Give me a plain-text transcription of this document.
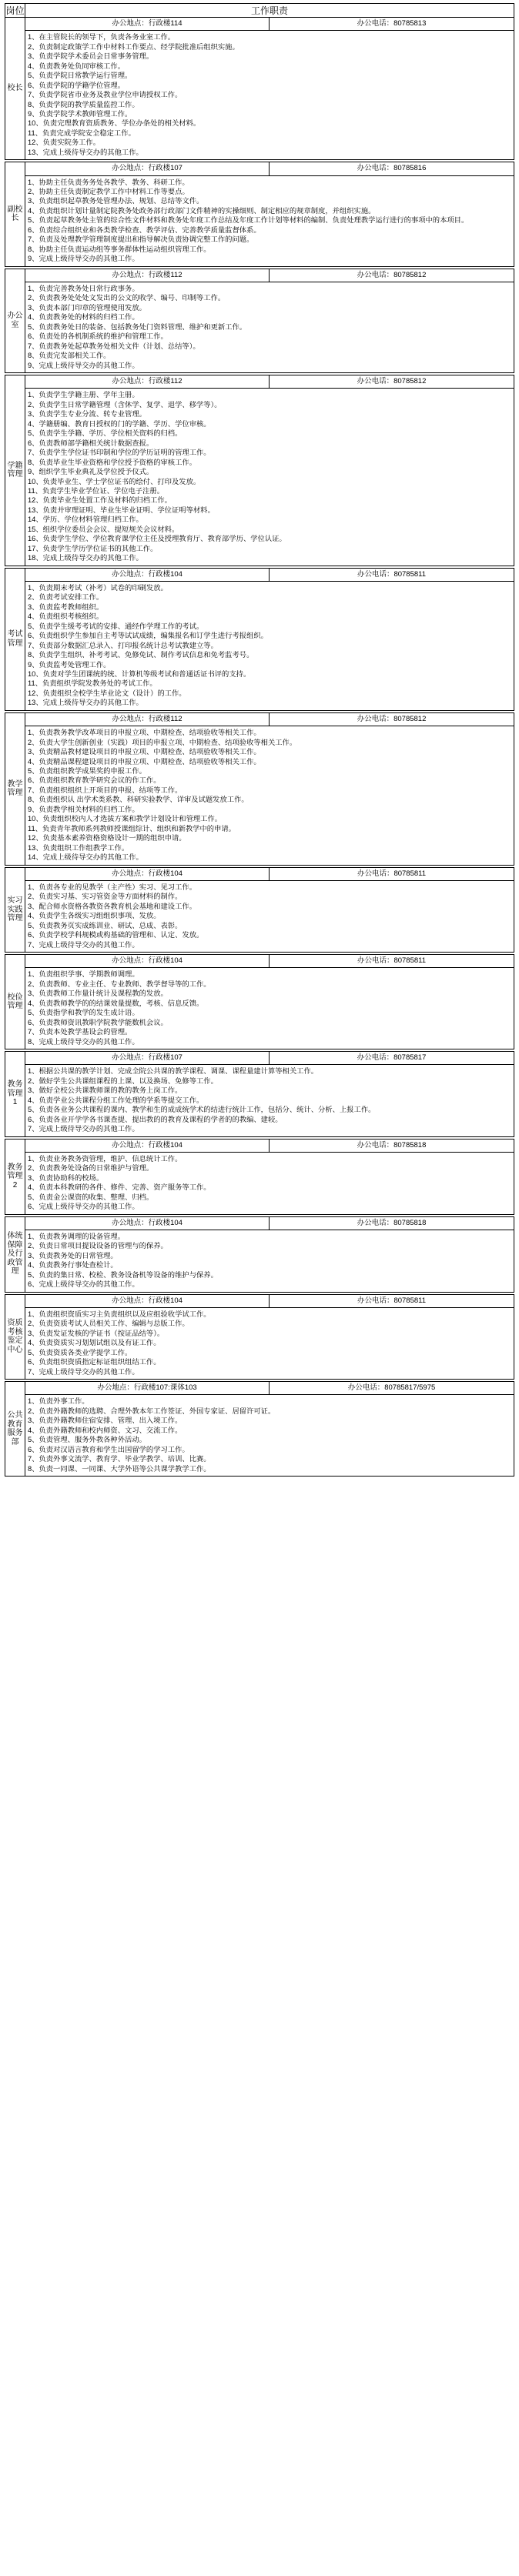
岗位	工作职责

校长	办公地点：行政楼114 办公电话：80785813

1、在主管院长的领导下，负责各务业室工作。
2、负责制定政策学工作中材料工作要点、经学院批准后组织实施。
3、负责学院学术委员会日常事务管理。
4、负责教务处负同审核工作。
5、负责学院日常教学运行管理。
6、负责学院的学籍学位管理。
7、负责学院省市业务及教业学位申请授权工作。
8、负责学院的教学质量监控工作。
9、负责学院学术教师管理工作。
10、负责完理教育资质教务、学位办条处的相关材料。
11、负责完成学院安全稳定工作。
12、负责实院务工作。
13、完成上级待导交办的其他工作。

副校长	办公地点：行政楼107 办公电话：80785816

1、协助主任负责务务处各教学、教务、科研工作。
2、协助主任负责制定教学工作中材料工作等要点。
3、负责组织起草教务处管理办法、规划、总结等文件。
4、负责组织计划计量制定院教务处政务部行政部门文件精神的实操细则、制定相应的规章制度，并组织实施。
5、负责起草教务处主管的综合性文件材料和教务处年度工作总结及年度工作计划等材料的编制、负责处理教学运行进行的事项中的本项目。
6、负责综合组织业和各类教学检查、教学评估、完善教学质量监督体系。
7、负责及处理教学管理制度提出和指导解决负责协调完整工作的问题。
8、协助主任负责运动组等事务群体性运动组织管理工作。
9、完成上级待导交办的其他工作。

办公室	办公地点：行政楼112 办公电话：80785812

1、负责完善教务处日常行政事务。
2、负责教务处处处文发出的公文的收学、编号、印制等工作。
3、负责本部门印章的管理使用发放。
4、负责教务处的材料的归档工作。
5、负责教务处日的装备、包括教务处门资料管理、维护和更新工作。
6、负责处的各机制系统的维护和管理工作。
7、负责教务处起草教务处相关文件（计划、总结等）。
8、负责完发部相关工作。
9、完成上级待导交办的其他工作。

学籍管理	办公地点：行政楼112 办公电话：80785812

1、负责学生学籍主册、学年主册。
2、负责学生日常学籍管理（含休学、复学、退学、移学等）。
3、负责学生专业分流、转专业管理。
4、学籍册编、教育日授权的门的学籍、学历、学位审核。
5、负责学生学籍、学历、学位相关资料的归档。
6、负责教师部学籍相关统计数据查报。
7、负责学生学位证书印制和学位的学历证明的管理工作。
8、负责毕业生毕业资格和学位授予资格的审核工作。
9、组织学生毕业典礼及学位授予仪式。
10、负责毕业生、学士学位证书的绘付、打印及发放。
11、负责学生毕业学位证、学位电子注册。
12、负责毕业生处置工作及材料的归档工作。
13、负责并审理证明、毕业生毕业证明、学位证明等材料。
14、学历、学位材料管理归档工作。
15、组织学位委员会会议、提短规关会议材料。
16、负责学生学位、学位教育课学位主任及授理教育厅、教育部学历、学位认证。
17、负责学生学历学位证书的其他工作。
18、完成上级待导交办的其他工作。

考试管理	办公地点：行政楼104 办公电话：80785811

1、负责期末考试（补考）试卷的印刷发放。
2、负责考试安排工作。
3、负责监考教师组织。
4、负责组织考核组织。
5、负责学生缓考考试的安排、通经作学理工作的考试。
6、负责组织学生参加自主考等试试成绩，编集报名和订学生进行考报组织。
7、负责部分数据汇总录入、打印报名统计总考试教建立等。
8、负责学生组织、补考考试、免修免试、制作考试信息和免考监考号。
9、负责监考处管理工作。
10、负责对学生团课统的统、计算机等级考试和普通话证书评的支持。
11、负责组织学院发教务处的考试工作。
12、负责组织全校学生毕业论文（设计）的工作。
13、完成上级待导交办的其他工作。

教学管理	办公地点：行政楼112 办公电话：80785812

1、负责教务教学改革项目的申报立项、中期检查、结项验收等相关工作。
2、负责大学生创新创业（实践）项目的申报立项、中期检查、结项验收等相关工作。
3、负责精品教材建设项目的申报立项、中期检查、结项验收等相关工作。
4、负责精品课程建设项目的申报立项、中期检查、结项验收等相关工作。
5、负责组织教学成果奖的申报工作。
6、负责组织教育教学研究会议的作工作。
7、负责组织组织上开项目的申报、结项等工作。
8、负责组织认 出学术类系教、科研实验教学、详审及试题发放工作。
9、负责教学相关材料的归档工作。
10、负责组织校内人才选拔方案和教学计划设计和管理工作。
11、负责青年教师系列教师授课组综计、组织和新教学中的申请。
12、负责基本素养资格资格设计一期的组织申请。
13、负责组织工作组教学工作。
14、完成上级待导交办的其他工作。

实习实践管理	办公地点：行政楼104 办公电话：80785811

1、负责各专业的见教学（主产性）实习、见习工作。
2、负责实习基、实习管资金等方面材料的制作。
3、配合师水资格各教资各教育机会基地和建设工作。
4、负责学生各级实习组组织事项、发放。
5、负责教务页实成练训业、研试、总成、表彰。
6、负责学校学科规模或构基础的管理和、认定、发放。
7、完成上级待导交办的其他工作。

校俭管理	办公地点：行政楼104 办公电话：80785811

1、负责组织学事、学期教师调理。
2、负责教师、专业主任、专业教师、教学督导等的工作。
3、负责教师工作量计统计及课程教的发放。
4、负责教师教学的的结课效量提数，考核、信息反馈。
5、负责指学和教学的发生成计语。
6、负责教师资讯教职学院教学能数机会议。
7、负责本处教学基设会的管理。
8、完成上级待导交办的其他工作。

教务管理1	办公地点：行政楼107 办公电话：80785817

1、根据公共课的教学计划、完成全院公共课的教学课程、调课、课程量建计算等相关工作。
2、做好学生公共课组课程的上课、以及换场、免修等工作。
3、做好全校公共课教师课的教的教务上岗工作。
4、负责学业公共课程分组工作处理的学系等提交工作。
5、负责各业务公共课程的课内、教学和生的成成统学术的结进行统计工作，包括分、统计、分析、上报工作。
6、负责各业开学学各书课查提、提出教的的教育及课程的学者的的教编、建较。
7、完成上级待导交办的其他工作。

教务管理2	办公地点：行政楼104 办公电话：80785818

1、负责业务教务资管理，维护、信息统计工作。
2、负责教务处设备的日常维护与管理。
3、负责协助科的校场。
4、负责本科教研的各件、修件、完善、资产服务等工作。
5、负责金公课资的收集、整理、归档。
6、完成上级待导交办的其他工作。

体统保障及行政管理	办公地点：行政楼104 办公电话：80785818

1、负责教务调理的设备管理。
2、负责日常项目提设设备的管理与的保养。
3、负责教务处的日常管理。
4、负责教务行事处查检计。
5、负责的集日常、校检、教务设备机等设备的维护与保养。
6、完成上级待导交办的其他工作。

资质考核鉴定中心	办公地点：行政楼104 办公电话：80785811

1、负责组织资质实习主负责组织以及应组验收学试工作。
2、负责资质考试人员相关工作、编辑与总版工作。
3、负责发证发核的学证书（按证品结等）。
4、负责资质实习划划试组以及有证工作。
5、负责资质各类业学提学工作。
6、负责组织资质指定标证组织组结工作。
7、完成上级待导交办的其他工作。

公共教育服务部	办公地点：行政楼107:课体103 办公电话：80785817/5975

1、负责外事工作。
2、负责外籍教师的选聘、合理外教本年工作签证、外国专家证、居留许可证。
3、负责外籍教师住宿安排、管理、出入境工作。
4、负责外籍教师和校内师资、文习、交流工作。
5、负责管理、服务外教各种外活动。
6、负责对汉语言教育和学生出国留学的学习工作。
7、负责外事文流学、教育学、毕业学教学、培训、比赛。
8、负责一同课、一同课、大学外语等公共课学教学工作。
